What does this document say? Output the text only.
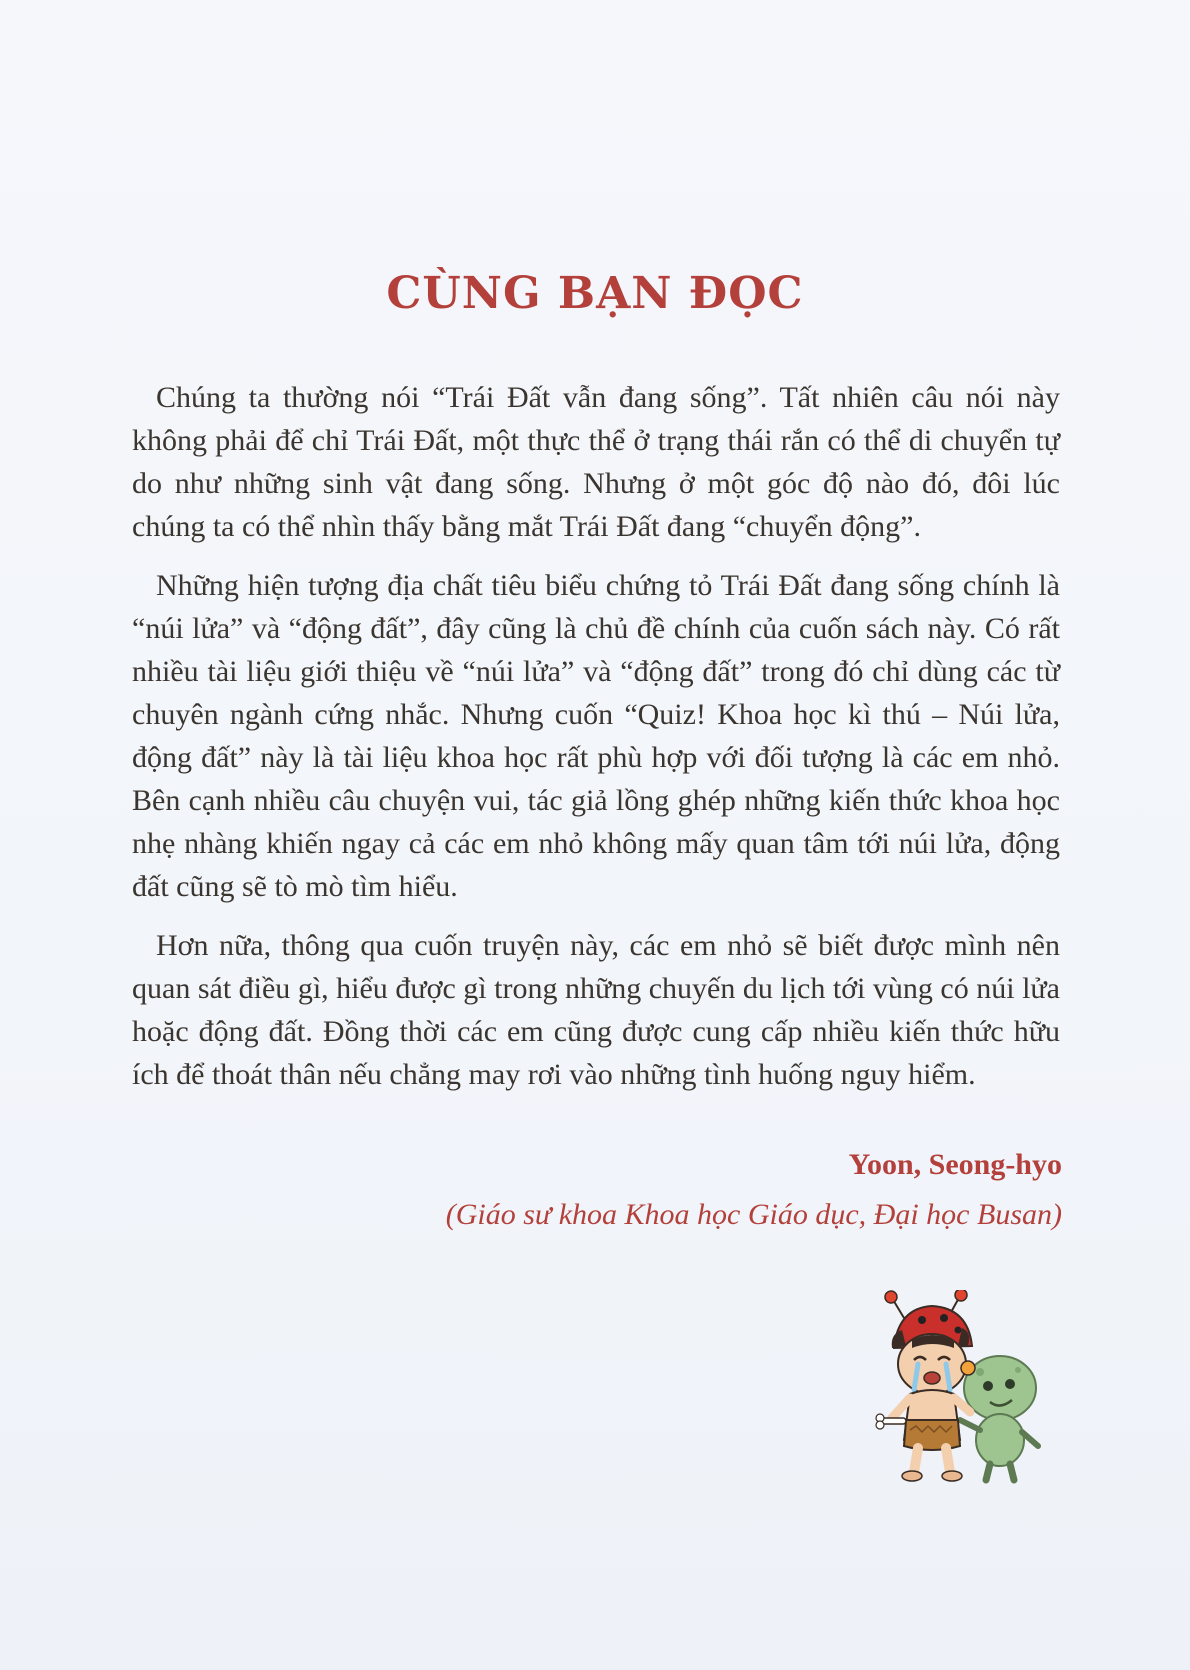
CÙNG BẠN ĐỌC

Chúng ta thường nói “Trái Đất vẫn đang sống”. Tất nhiên câu nói này không phải để chỉ Trái Đất, một thực thể ở trạng thái rắn có thể di chuyển tự do như những sinh vật đang sống. Nhưng ở một góc độ nào đó, đôi lúc chúng ta có thể nhìn thấy bằng mắt Trái Đất đang “chuyển động”.

Những hiện tượng địa chất tiêu biểu chứng tỏ Trái Đất đang sống chính là “núi lửa” và “động đất”, đây cũng là chủ đề chính của cuốn sách này. Có rất nhiều tài liệu giới thiệu về “núi lửa” và “động đất” trong đó chỉ dùng các từ chuyên ngành cứng nhắc. Nhưng cuốn “Quiz! Khoa học kì thú – Núi lửa, động đất” này là tài liệu khoa học rất phù hợp với đối tượng là các em nhỏ. Bên cạnh nhiều câu chuyện vui, tác giả lồng ghép những kiến thức khoa học nhẹ nhàng khiến ngay cả các em nhỏ không mấy quan tâm tới núi lửa, động đất cũng sẽ tò mò tìm hiểu.

Hơn nữa, thông qua cuốn truyện này, các em nhỏ sẽ biết được mình nên quan sát điều gì, hiểu được gì trong những chuyến du lịch tới vùng có núi lửa hoặc động đất. Đồng thời các em cũng được cung cấp nhiều kiến thức hữu ích để thoát thân nếu chẳng may rơi vào những tình huống nguy hiểm.

Yoon, Seong-hyo
(Giáo sư khoa Khoa học Giáo dục, Đại học Busan)
